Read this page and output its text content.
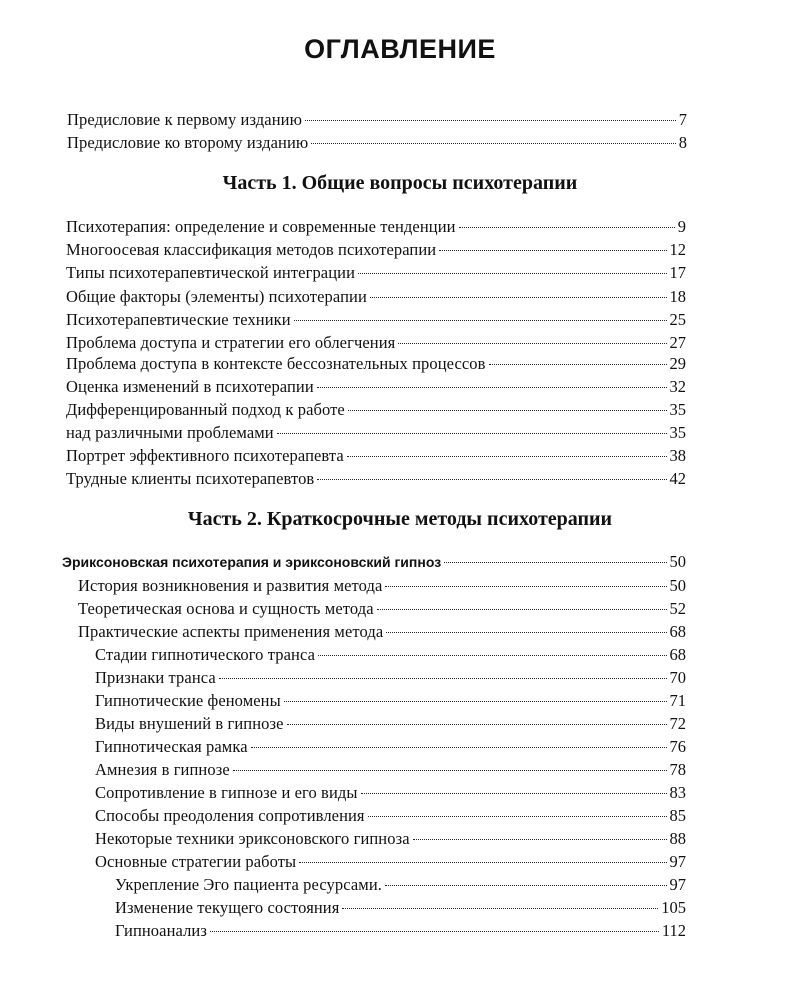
ОГЛАВЛЕНИЕ
Предисловие к первому изданию	7
Предисловие ко второму изданию	8
Часть 1. Общие вопросы психотерапии
Психотерапия: определение и современные тенденции	9
Многоосевая классификация методов психотерапии	12
Типы психотерапевтической интеграции	17
Общие факторы (элементы) психотерапии	18
Психотерапевтические техники	25
Проблема доступа и стратегии его облегчения	27
Проблема доступа в контексте бессознательных процессов	29
Оценка изменений в психотерапии	32
Дифференцированный подход к работе	35
над различными проблемами	35
Портрет эффективного психотерапевта	38
Трудные клиенты психотерапевтов	42
Часть 2. Краткосрочные методы психотерапии
Эриксоновская психотерапия и эриксоновский гипноз	50
История возникновения и развития метода	50
Теоретическая основа и сущность метода	52
Практические аспекты применения метода	68
Стадии гипнотического транса	68
Признаки транса	70
Гипнотические феномены	71
Виды внушений в гипнозе	72
Гипнотическая рамка	76
Амнезия в гипнозе	78
Сопротивление в гипнозе и его виды	83
Способы преодоления сопротивления	85
Некоторые техники эриксоновского гипноза	88
Основные стратегии работы	97
Укрепление Эго пациента ресурсами.	97
Изменение текущего состояния	105
Гипноанализ	112
